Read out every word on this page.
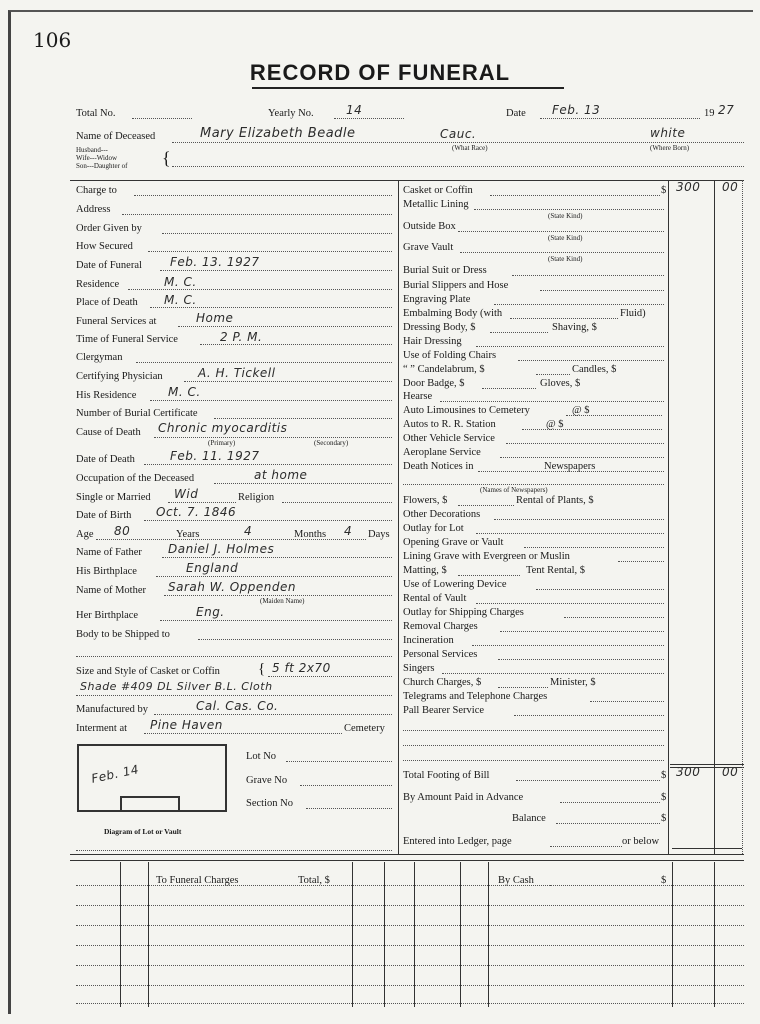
106
RECORD OF FUNERAL
Total No.	Yearly No.	14	Date Feb. 13	19 27
Name of Deceased	Mary Elizabeth Beadle	Cauc.
(What Race)
white
(Where Born)
Husband---
Wife---Widow
Son---Daughter of {
Charge to
Address
Order Given by
How Secured
Date of Funeral Feb. 13. 1927
Residence	M. C.
Place of Death M. C.
Funeral Services at	Home
Time of Funeral Service	2 P. M.
Clergyman
Certifying Physician	A. H. Tickell
His Residence	M. C.
Number of Burial Certificate
Cause of Death Chronic myocarditis
(Primary)	(Secondary)
Date of Death	Feb. 11. 1927
Occupation of the Deceased	at home
Single or Married Wid	Religion
Date of Birth Oct. 7. 1846
Age 80	Years	4	Months 4 Days
Name of Father Daniel J. Holmes
His Birthplace	England
Name of Mother Sarah W. Oppenden
(Maiden Name)
Her Birthplace	Eng.
Body to be Shipped to
Size and Style of Casket or Coffin	{ 5 ft 2x70
Shade #409 DL Silver B.L. Cloth
Manufactured by	Cal. Cas. Co.
Interment at Pine Haven	Cemetery
Feb. 14
Diagram of Lot or Vault
Lot No
Grave No
Section No
Casket or Coffin	$ 300 00
Metallic Lining
(State Kind)
Outside Box
(State Kind)
Grave Vault
(State Kind)
Burial Suit or Dress
Burial Slippers and Hose
Engraving Plate
Embalming Body (with	Fluid)
Dressing Body, $	Shaving, $
Hair Dressing
Use of Folding Chairs
“ ” Candelabrum, $	Candles, $
Door Badge, $	Gloves, $
Hearse
Auto Limousines to Cemetery	@ $
Autos to R. R. Station	@ $
Other Vehicle Service
Aeroplane Service
Death Notices in	Newspapers
(Names of Newspapers)
Flowers, $	Rental of Plants, $
Other Decorations
Outlay for Lot
Opening Grave or Vault
Lining Grave with Evergreen or Muslin
Matting, $	Tent Rental, $
Use of Lowering Device
Rental of Vault
Outlay for Shipping Charges
Removal Charges
Incineration
Personal Services
Singers
Church Charges, $	Minister, $
Telegrams and Telephone Charges
Pall Bearer Service
Total Footing of Bill	$ 300 00
By Amount Paid in Advance	$
Balance	$
Entered into Ledger, page	or below
To Funeral Charges	Total, $	By Cash	$
